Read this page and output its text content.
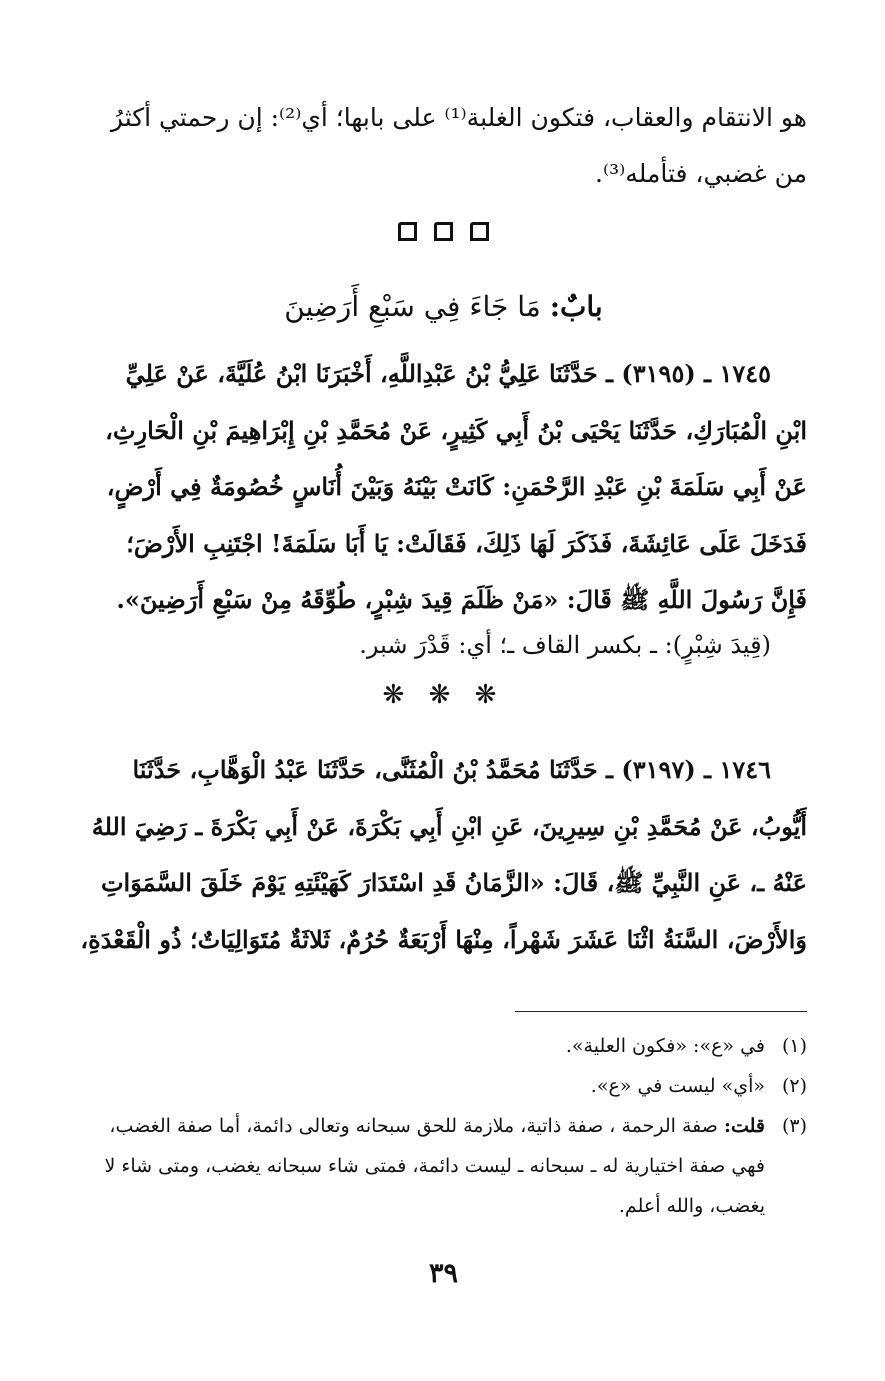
هو الانتقام والعقاب، فتكون الغلبة⁽¹⁾ على بابها؛ أي⁽²⁾: إن رحمتي أكثرُ
من غضبي، فتأمله⁽³⁾.

بابٌ: مَا جَاءَ فِي سَبْعِ أَرَضِينَ
١٧٤٥ ـ (٣١٩٥) ـ حَدَّثَنَا عَلِيُّ بْنُ عَبْدِاللَّهِ، أَخْبَرَنَا ابْنُ عُلَيَّةَ، عَنْ عَلِيِّ
ابْنِ الْمُبَارَكِ، حَدَّثَنَا يَحْيَى بْنُ أَبِي كَثِيرٍ، عَنْ مُحَمَّدِ بْنِ إِبْرَاهِيمَ بْنِ الْحَارِثِ،
عَنْ أَبِي سَلَمَةَ بْنِ عَبْدِ الرَّحْمَنِ: كَانَتْ بَيْنَهُ وَبَيْنَ أُنَاسٍ خُصُومَةٌ فِي أَرْضٍ،
فَدَخَلَ عَلَى عَائِشَةَ، فَذَكَرَ لَهَا ذَلِكَ، فَقَالَتْ: يَا أَبَا سَلَمَةَ! اجْتَنِبِ الأَرْضَ؛
فَإِنَّ رَسُولَ اللَّهِ ﷺ قَالَ: «مَنْ ظَلَمَ قِيدَ شِبْرٍ، طُوِّقَهُ مِنْ سَبْعِ أَرَضِينَ».
(قِيدَ شِبْرٍ): ـ بكسر القاف ـ؛ أي: قَدْرَ شبر.
❋ ❋ ❋
١٧٤٦ ـ (٣١٩٧) ـ حَدَّثَنَا مُحَمَّدُ بْنُ الْمُثَنَّى، حَدَّثَنَا عَبْدُ الْوَهَّابِ، حَدَّثَنَا
أَيُّوبُ، عَنْ مُحَمَّدِ بْنِ سِيرِينَ، عَنِ ابْنِ أَبِي بَكْرَةَ، عَنْ أَبِي بَكْرَةَ ـ رَضِيَ اللهُ
عَنْهُ ـ، عَنِ النَّبِيِّ ﷺ، قَالَ: «الزَّمَانُ قَدِ اسْتَدَارَ كَهَيْئَتِهِ يَوْمَ خَلَقَ السَّمَوَاتِ
وَالأَرْضَ، السَّنَةُ اثْنَا عَشَرَ شَهْراً، مِنْهَا أَرْبَعَةٌ حُرُمٌ، ثَلاثَةٌ مُتَوَالِيَاتٌ؛ ذُو الْقَعْدَةِ،
(١)
في «ع»: «فكون العلية».
(٢)
«أي» ليست في «ع».
(٣)
قلت: صفة الرحمة ، صفة ذاتية، ملازمة للحق سبحانه وتعالى دائمة، أما صفة الغضب، فهي صفة اختيارية له ـ سبحانه ـ ليست دائمة، فمتى شاء سبحانه يغضب، ومتى شاء لا يغضب، والله أعلم.
٣٩
